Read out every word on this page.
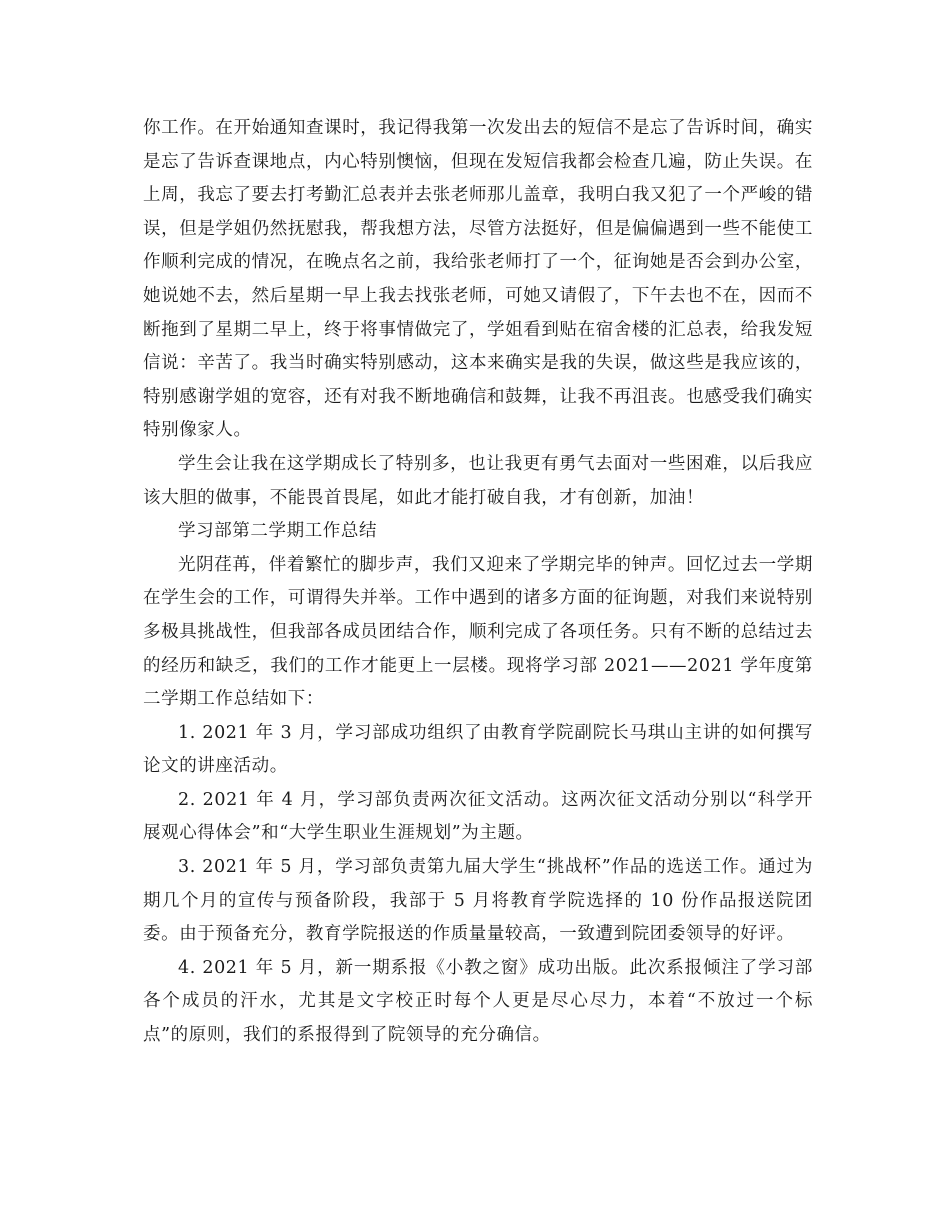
你工作。在开始通知查课时，我记得我第一次发出去的短信不是忘了告诉时间，确实是忘了告诉查课地点，内心特别懊恼，但现在发短信我都会检查几遍，防止失误。在上周，我忘了要去打考勤汇总表并去张老师那儿盖章，我明白我又犯了一个严峻的错误，但是学姐仍然抚慰我，帮我想方法，尽管方法挺好，但是偏偏遇到一些不能使工作顺利完成的情况，在晚点名之前，我给张老师打了一个，征询她是否会到办公室，她说她不去，然后星期一早上我去找张老师，可她又请假了，下午去也不在，因而不断拖到了星期二早上，终于将事情做完了，学姐看到贴在宿舍楼的汇总表，给我发短信说：辛苦了。我当时确实特别感动，这本来确实是我的失误，做这些是我应该的，特别感谢学姐的宽容，还有对我不断地确信和鼓舞，让我不再沮丧。也感受我们确实特别像家人。

学生会让我在这学期成长了特别多，也让我更有勇气去面对一些困难，以后我应该大胆的做事，不能畏首畏尾，如此才能打破自我，才有创新，加油！

学习部第二学期工作总结

光阴荏苒，伴着繁忙的脚步声，我们又迎来了学期完毕的钟声。回忆过去一学期在学生会的工作，可谓得失并举。工作中遇到的诸多方面的征询题，对我们来说特别多极具挑战性，但我部各成员团结合作，顺利完成了各项任务。只有不断的总结过去的经历和缺乏，我们的工作才能更上一层楼。现将学习部 2021——2021 学年度第二学期工作总结如下：

1. 2021 年 3 月，学习部成功组织了由教育学院副院长马琪山主讲的如何撰写论文的讲座活动。

2. 2021 年 4 月，学习部负责两次征文活动。这两次征文活动分别以“科学开展观心得体会”和“大学生职业生涯规划”为主题。

3. 2021 年 5 月，学习部负责第九届大学生“挑战杯”作品的选送工作。通过为期几个月的宣传与预备阶段，我部于 5 月将教育学院选择的 10 份作品报送院团委。由于预备充分，教育学院报送的作质量量较高，一致遭到院团委领导的好评。

4. 2021 年 5 月，新一期系报《小教之窗》成功出版。此次系报倾注了学习部各个成员的汗水，尤其是文字校正时每个人更是尽心尽力，本着“不放过一个标点”的原则，我们的系报得到了院领导的充分确信。
